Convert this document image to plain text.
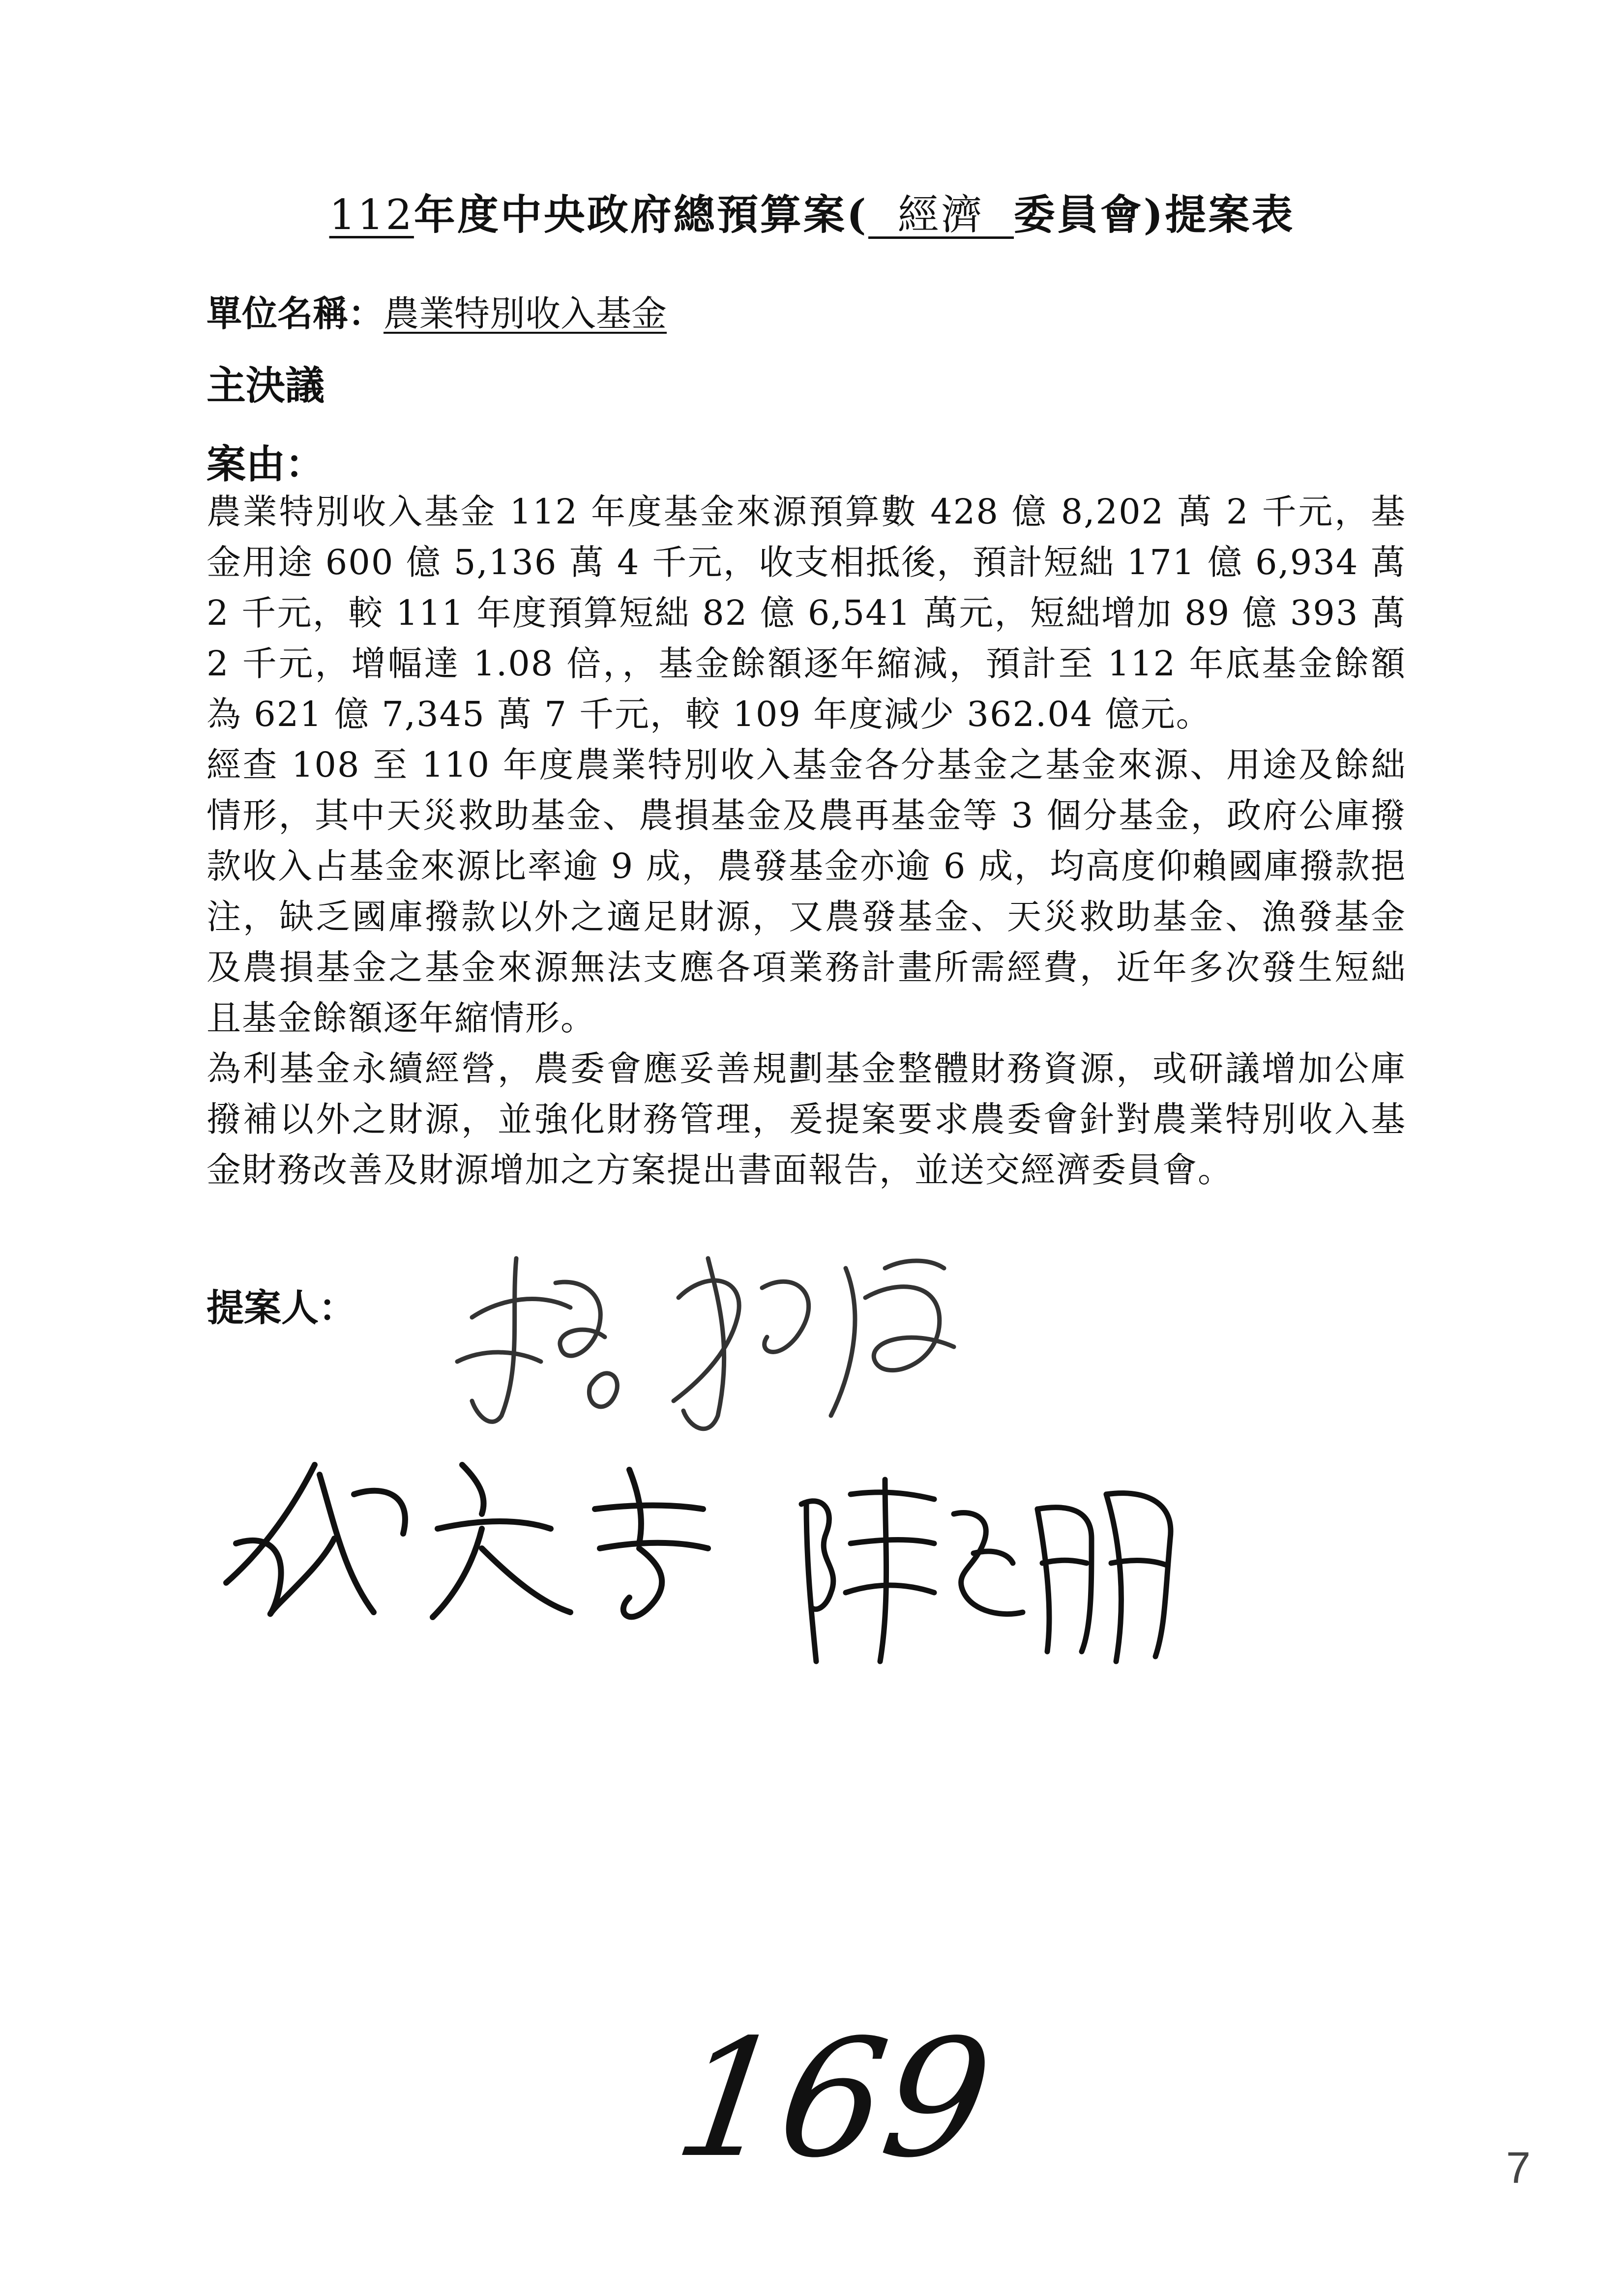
112年度中央政府總預算案( 經濟 委員會)提案表
單位名稱：農業特別收入基金
主決議
案由：

農業特別收入基金 112 年度基金來源預算數 428 億 8,202 萬 2 千元，基金用途 600 億 5,136 萬 4 千元，收支相抵後，預計短絀 171 億 6,934 萬 2 千元，較 111 年度預算短絀 82 億 6,541 萬元，短絀增加 89 億 393 萬 2 千元，增幅達 1.08 倍，，基金餘額逐年縮減，預計至 112 年底基金餘額為 621 億 7,345 萬 7 千元，較 109 年度減少 362.04 億元。

經查 108 至 110 年度農業特別收入基金各分基金之基金來源、用途及餘絀情形，其中天災救助基金、農損基金及農再基金等 3 個分基金，政府公庫撥款收入占基金來源比率逾 9 成，農發基金亦逾 6 成，均高度仰賴國庫撥款挹注，缺乏國庫撥款以外之適足財源，又農發基金、天災救助基金、漁發基金及農損基金之基金來源無法支應各項業務計畫所需經費，近年多次發生短絀且基金餘額逐年縮情形。

為利基金永續經營，農委會應妥善規劃基金整體財務資源，或研議增加公庫撥補以外之財源，並強化財務管理，爰提案要求農委會針對農業特別收入基金財務改善及財源增加之方案提出書面報告，並送交經濟委員會。

提案人：
169	7
